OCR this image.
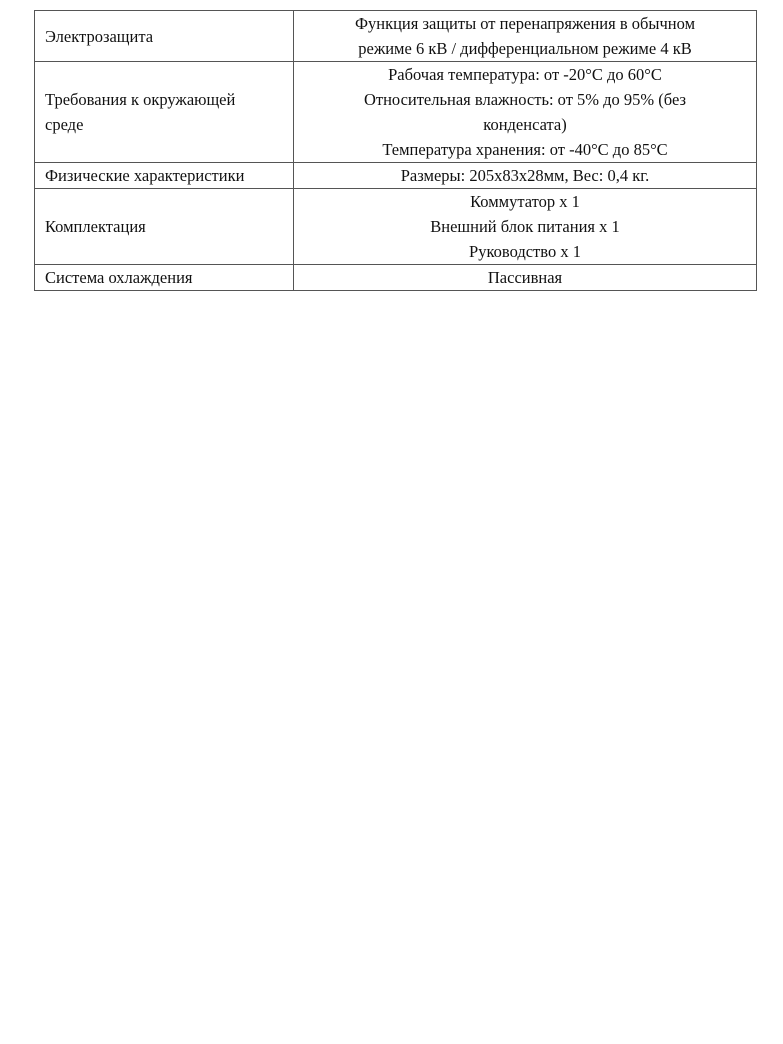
Электрозащита	Функция защиты от перенапряжения в обычном
режиме 6 кВ / дифференциальном режиме 4 кВ

Требования к окружающей
среде	Рабочая температура: от -20°C до 60°C
Относительная влажность: от 5% до 95% (без
конденсата)
Температура хранения: от -40°C до 85°C

Физические характеристики	Размеры: 205x83x28мм, Вес: 0,4 кг.

Комплектация	Коммутатор x 1
Внешний блок питания x 1
Руководство x 1

Система охлаждения	Пассивная
